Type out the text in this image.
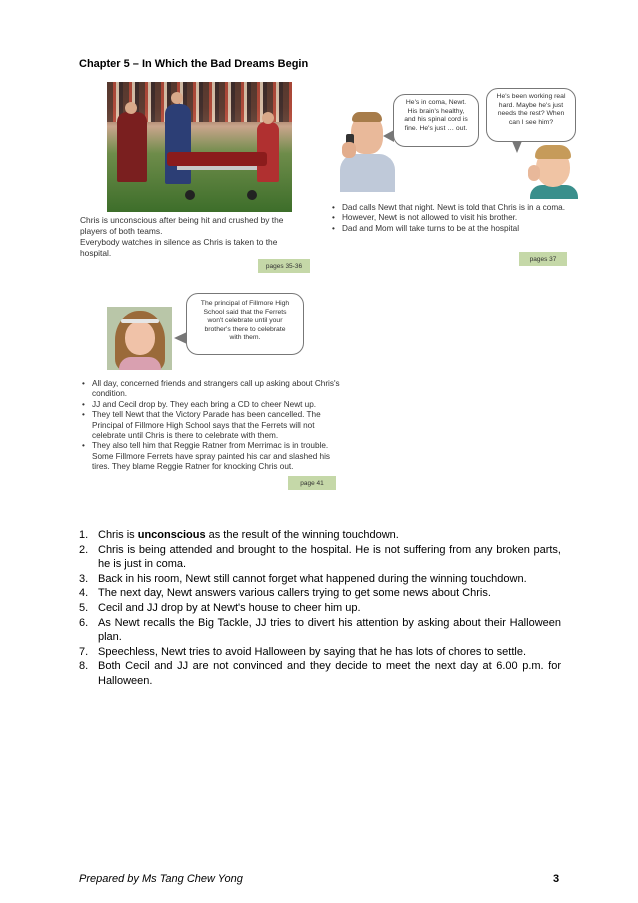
Chapter 5 – In Which the Bad Dreams Begin
Chris is unconscious after being hit and crushed by the
players of both teams.
Everybody watches in silence as Chris is taken to the
hospital.
pages 35-36
He's in coma, Newt.
His brain's healthy,
and his spinal cord is
fine. He's just … out.
He's been working real
hard. Maybe he's just
needs the rest? When
can I see him?
• Dad calls Newt that night. Newt is told that Chris is in a coma.
• However, Newt is not allowed to visit his brother.
• Dad and Mom will take turns to be at the hospital
pages 37
The principal of Fillmore High
School said that the Ferrets
won't celebrate until your
brother's there to celebrate
with them.
• All day, concerned friends and strangers call up asking about Chris's condition.
• JJ and Cecil drop by. They each bring a CD to cheer Newt up.
• They tell Newt that the Victory Parade has been cancelled. The Principal of Fillmore High School says that the Ferrets will not celebrate until Chris is there to celebrate with them.
• They also tell him that Reggie Ratner from Merrimac is in trouble. Some Fillmore Ferrets have spray painted his car and slashed his tires. They blame Reggie Ratner for knocking Chris out.
page 41
1. Chris is unconscious as the result of the winning touchdown.
2. Chris is being attended and brought to the hospital. He is not suffering from any broken parts, he is just in coma.
3. Back in his room, Newt still cannot forget what happened during the winning touchdown.
4. The next day, Newt answers various callers trying to get some news about Chris.
5. Cecil and JJ drop by at Newt's house to cheer him up.
6. As Newt recalls the Big Tackle, JJ tries to divert his attention by asking about their Halloween plan.
7. Speechless, Newt tries to avoid Halloween by saying that he has lots of chores to settle.
8. Both Cecil and JJ are not convinced and they decide to meet the next day at 6.00 p.m. for Halloween.
Prepared by Ms Tang Chew Yong	3
